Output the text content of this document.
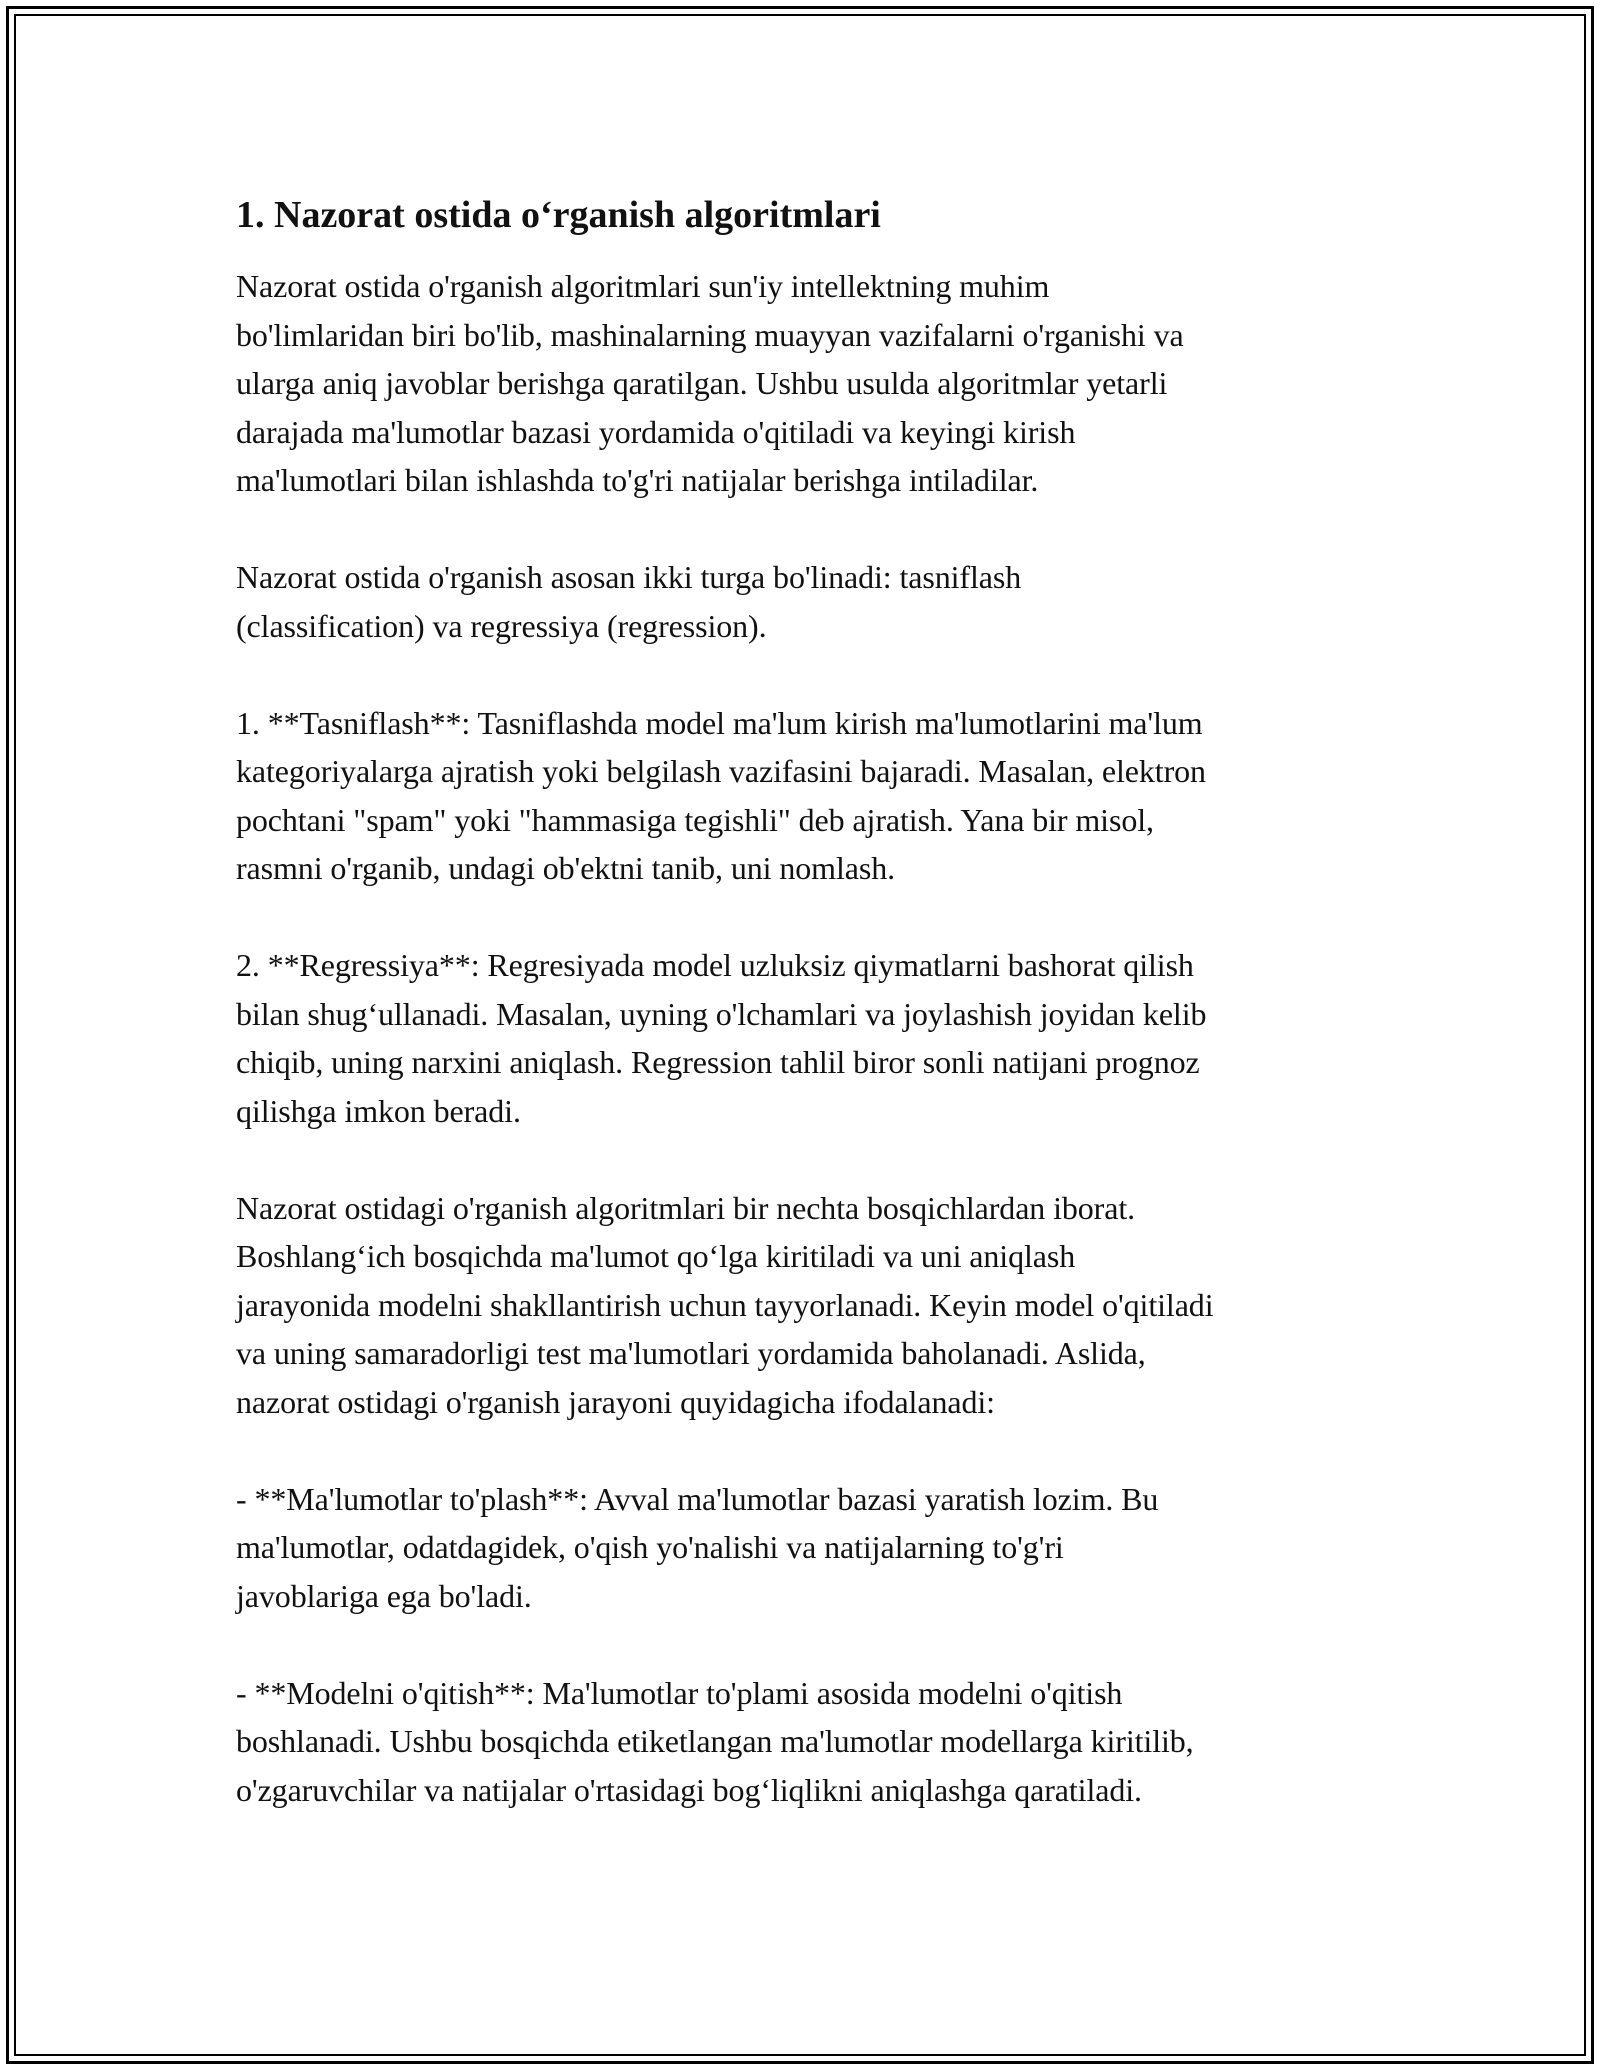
1. Nazorat ostida o‘rganish algoritmlari

Nazorat ostida o'rganish algoritmlari sun'iy intellektning muhim
bo'limlaridan biri bo'lib, mashinalarning muayyan vazifalarni o'rganishi va
ularga aniq javoblar berishga qaratilgan. Ushbu usulda algoritmlar yetarli
darajada ma'lumotlar bazasi yordamida o'qitiladi va keyingi kirish
ma'lumotlari bilan ishlashda to'g'ri natijalar berishga intiladilar.

Nazorat ostida o'rganish asosan ikki turga bo'linadi: tasniflash
(classification) va regressiya (regression).

1. **Tasniflash**: Tasniflashda model ma'lum kirish ma'lumotlarini ma'lum
kategoriyalarga ajratish yoki belgilash vazifasini bajaradi. Masalan, elektron
pochtani "spam" yoki "hammasiga tegishli" deb ajratish. Yana bir misol,
rasmni o'rganib, undagi ob'ektni tanib, uni nomlash.

2. **Regressiya**: Regresiyada model uzluksiz qiymatlarni bashorat qilish
bilan shug‘ullanadi. Masalan, uyning o'lchamlari va joylashish joyidan kelib
chiqib, uning narxini aniqlash. Regression tahlil biror sonli natijani prognoz
qilishga imkon beradi.

Nazorat ostidagi o'rganish algoritmlari bir nechta bosqichlardan iborat.
Boshlang‘ich bosqichda ma'lumot qo‘lga kiritiladi va uni aniqlash
jarayonida modelni shakllantirish uchun tayyorlanadi. Keyin model o'qitiladi
va uning samaradorligi test ma'lumotlari yordamida baholanadi. Aslida,
nazorat ostidagi o'rganish jarayoni quyidagicha ifodalanadi:

- **Ma'lumotlar to'plash**: Avval ma'lumotlar bazasi yaratish lozim. Bu
ma'lumotlar, odatdagidek, o'qish yo'nalishi va natijalarning to'g'ri
javoblariga ega bo'ladi.

- **Modelni o'qitish**: Ma'lumotlar to'plami asosida modelni o'qitish
boshlanadi. Ushbu bosqichda etiketlangan ma'lumotlar modellarga kiritilib,
o'zgaruvchilar va natijalar o'rtasidagi bog‘liqlikni aniqlashga qaratiladi.
